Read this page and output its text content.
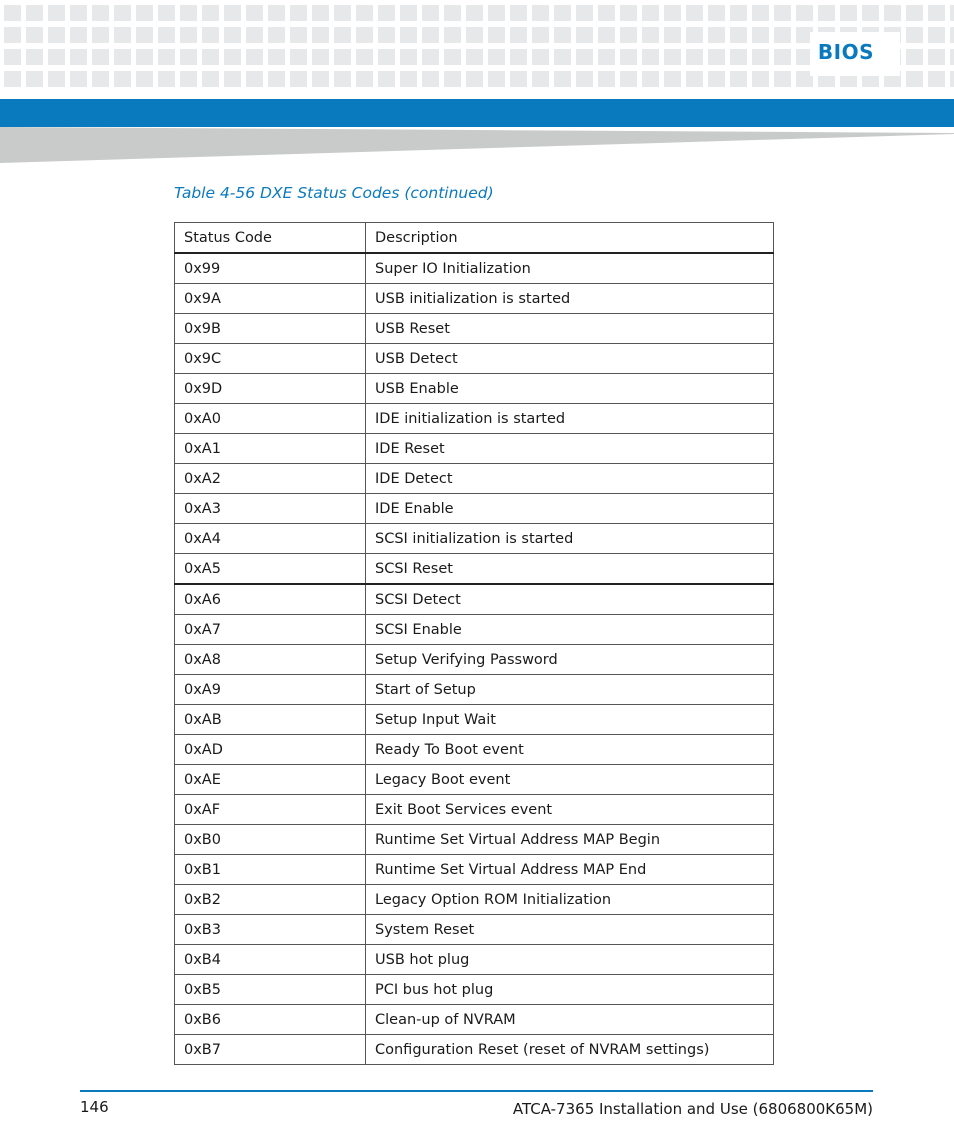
BIOS
Table 4-56 DXE Status Codes (continued)
Status Code	Description
0x99	Super IO Initialization
0x9A	USB initialization is started
0x9B	USB Reset
0x9C	USB Detect
0x9D	USB Enable
0xA0	IDE initialization is started
0xA1	IDE Reset
0xA2	IDE Detect
0xA3	IDE Enable
0xA4	SCSI initialization is started
0xA5	SCSI Reset
0xA6	SCSI Detect
0xA7	SCSI Enable
0xA8	Setup Verifying Password
0xA9	Start of Setup
0xAB	Setup Input Wait
0xAD	Ready To Boot event
0xAE	Legacy Boot event
0xAF	Exit Boot Services event
0xB0	Runtime Set Virtual Address MAP Begin
0xB1	Runtime Set Virtual Address MAP End
0xB2	Legacy Option ROM Initialization
0xB3	System Reset
0xB4	USB hot plug
0xB5	PCI bus hot plug
0xB6	Clean-up of NVRAM
0xB7	Configuration Reset (reset of NVRAM settings)
146	ATCA-7365 Installation and Use (6806800K65M)
